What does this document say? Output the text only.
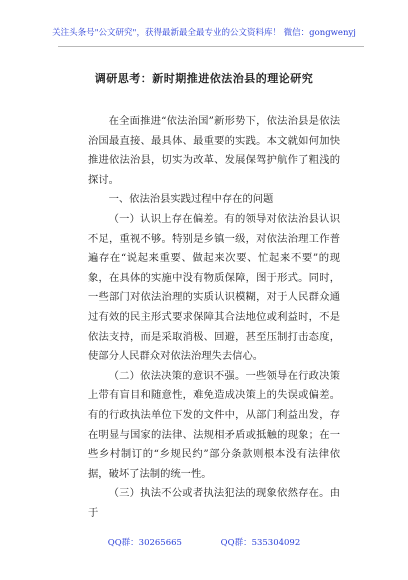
关注头条号"公文研究"，获得最新最全最专业的公文资料库！ 微信：gongwenyj
调研思考：新时期推进依法治县的理论研究

在全面推进“依法治国”新形势下，依法治县是依法治国最直接、最具体、最重要的实践。本文就如何加快推进依法治县，切实为改革、发展保驾护航作了粗浅的探讨。

一、依法治县实践过程中存在的问题

（一）认识上存在偏差。有的领导对依法治县认识不足，重视不够。特别是乡镇一级，对依法治理工作普遍存在“说起来重要、做起来次要、忙起来不要”的现象，在具体的实施中没有物质保障，图于形式。同时，一些部门对依法治理的实质认识模糊，对于人民群众通过有效的民主形式要求保障其合法地位或利益时，不是依法支持，而是采取消极、回避，甚至压制打击态度，使部分人民群众对依法治理失去信心。

（二）依法决策的意识不强。一些领导在行政决策上带有盲目和随意性，难免造成决策上的失误或偏差。有的行政执法单位下发的文件中，从部门利益出发，存在明显与国家的法律、法规相矛盾或抵触的现象；在一些乡村制订的“乡规民约”部分条款则根本没有法律依据，破坏了法制的统一性。

（三）执法不公或者执法犯法的现象依然存在。由于

QQ群：30265665	QQ群：535304092
